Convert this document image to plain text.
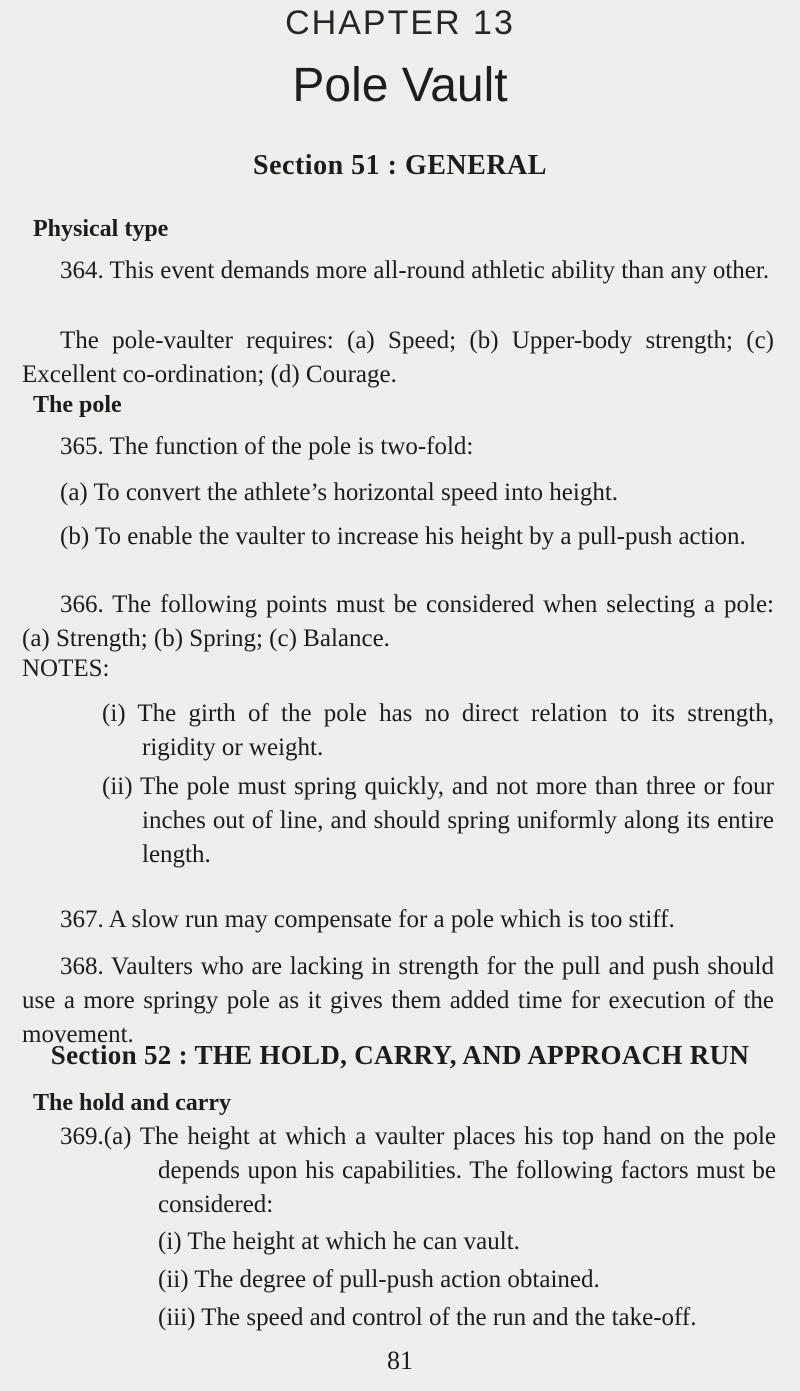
CHAPTER 13
Pole Vault
Section 51 : GENERAL
Physical type
364. This event demands more all-round athletic ability than any other.
The pole-vaulter requires: (a) Speed; (b) Upper-body strength; (c) Excellent co-ordination; (d) Courage.
The pole
365. The function of the pole is two-fold:
(a) To convert the athlete’s horizontal speed into height.
(b) To enable the vaulter to increase his height by a pull-push action.
366. The following points must be considered when selecting a pole: (a) Strength; (b) Spring; (c) Balance.
NOTES:
(i) The girth of the pole has no direct relation to its strength, rigidity or weight.
(ii) The pole must spring quickly, and not more than three or four inches out of line, and should spring uniformly along its entire length.
367. A slow run may compensate for a pole which is too stiff.
368. Vaulters who are lacking in strength for the pull and push should use a more springy pole as it gives them added time for execution of the movement.
Section 52 : THE HOLD, CARRY, AND APPROACH RUN
The hold and carry
369.(a) The height at which a vaulter places his top hand on the pole depends upon his capabilities. The following factors must be considered:
(i) The height at which he can vault.
(ii) The degree of pull-push action obtained.
(iii) The speed and control of the run and the take-off.
81
